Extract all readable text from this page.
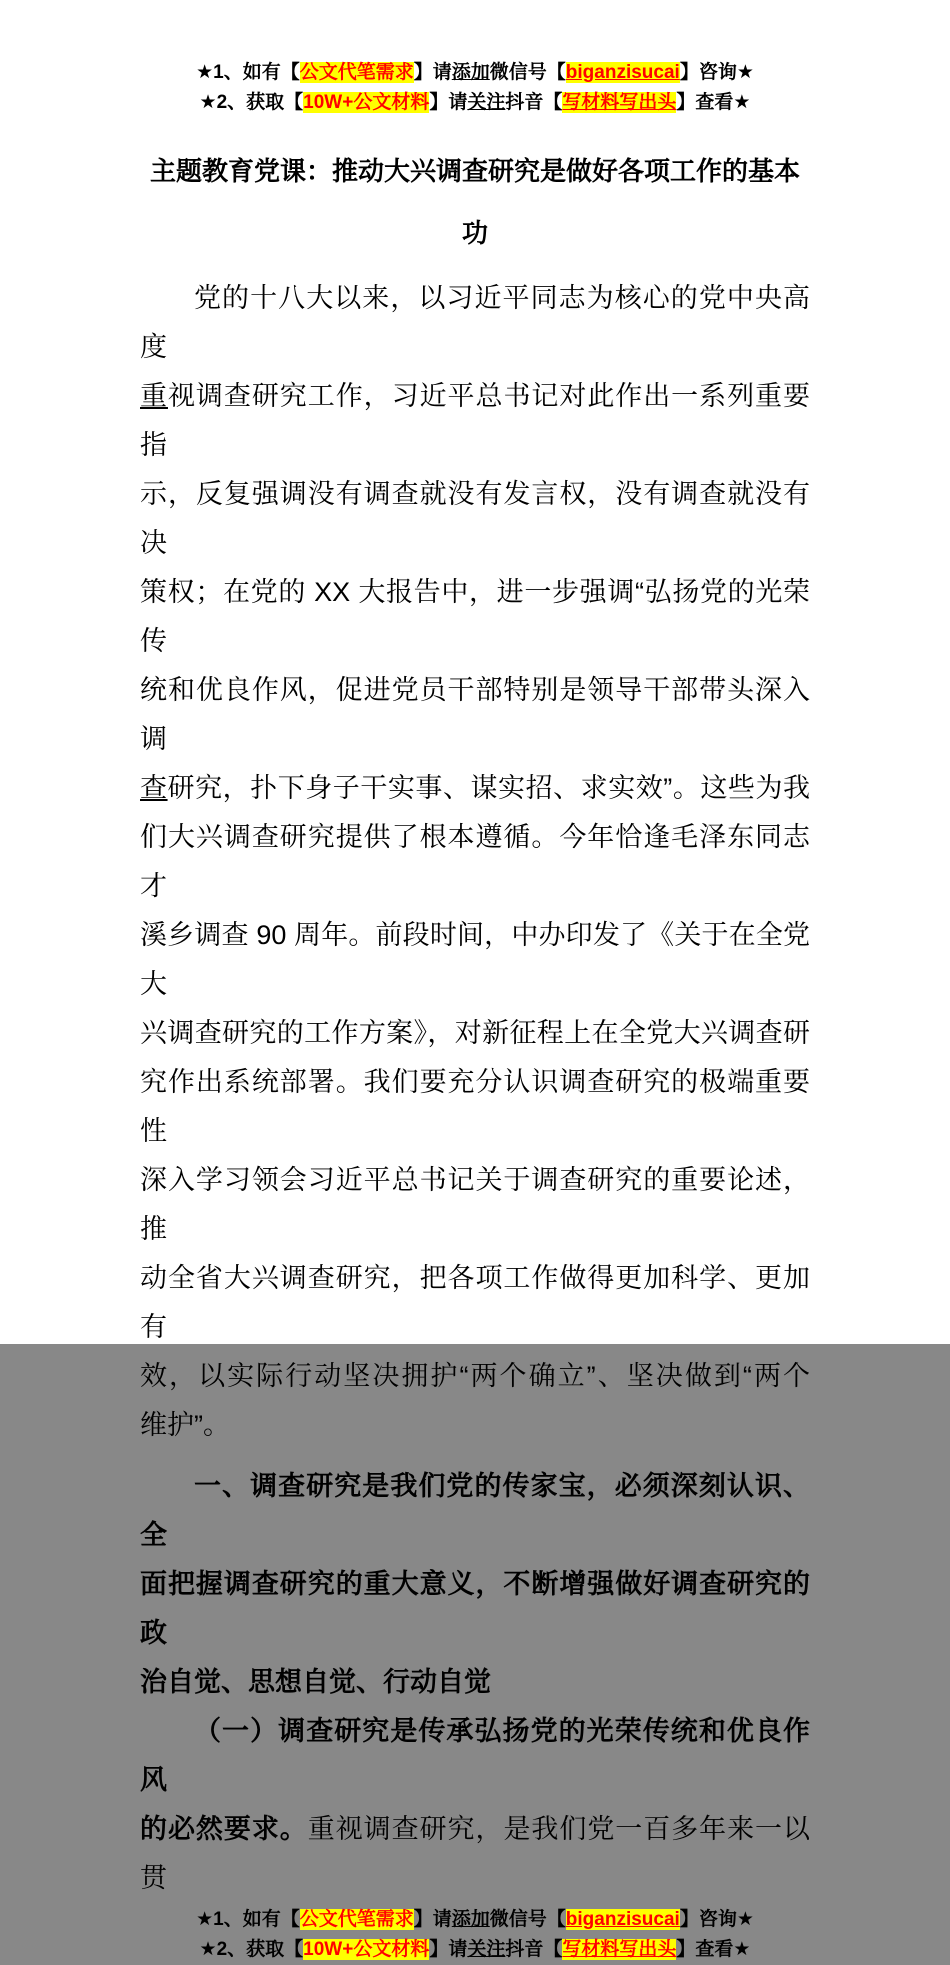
★1、如有【公文代笔需求】请添加微信号【biganzisucai】咨询★
★2、获取【10W+公文材料】请关注抖音【写材料写出头】查看★
主题教育党课：推动大兴调查研究是做好各项工作的基本
功
党的十八大以来，以习近平同志为核心的党中央高度
重视调查研究工作，习近平总书记对此作出一系列重要指
示，反复强调没有调查就没有发言权，没有调查就没有决
策权；在党的 XX 大报告中，进一步强调“弘扬党的光荣传
统和优良作风，促进党员干部特别是领导干部带头深入调
查研究，扑下身子干实事、谋实招、求实效”。这些为我
们大兴调查研究提供了根本遵循。今年恰逢毛泽东同志才
溪乡调查 90 周年。前段时间，中办印发了《关于在全党大
兴调查研究的工作方案》，对新征程上在全党大兴调查研
究作出系统部署。我们要充分认识调查研究的极端重要性
深入学习领会习近平总书记关于调查研究的重要论述，推
动全省大兴调查研究，把各项工作做得更加科学、更加有
效，以实际行动坚决拥护“两个确立”、坚决做到“两个
维护”。
一、调查研究是我们党的传家宝，必须深刻认识、全
面把握调查研究的重大意义，不断增强做好调查研究的政
治自觉、思想自觉、行动自觉
（一）调查研究是传承弘扬党的光荣传统和优良作风
的必然要求。重视调查研究，是我们党一百多年来一以贯
★1、如有【公文代笔需求】请添加微信号【biganzisucai】咨询★
★2、获取【10W+公文材料】请关注抖音【写材料写出头】查看★
